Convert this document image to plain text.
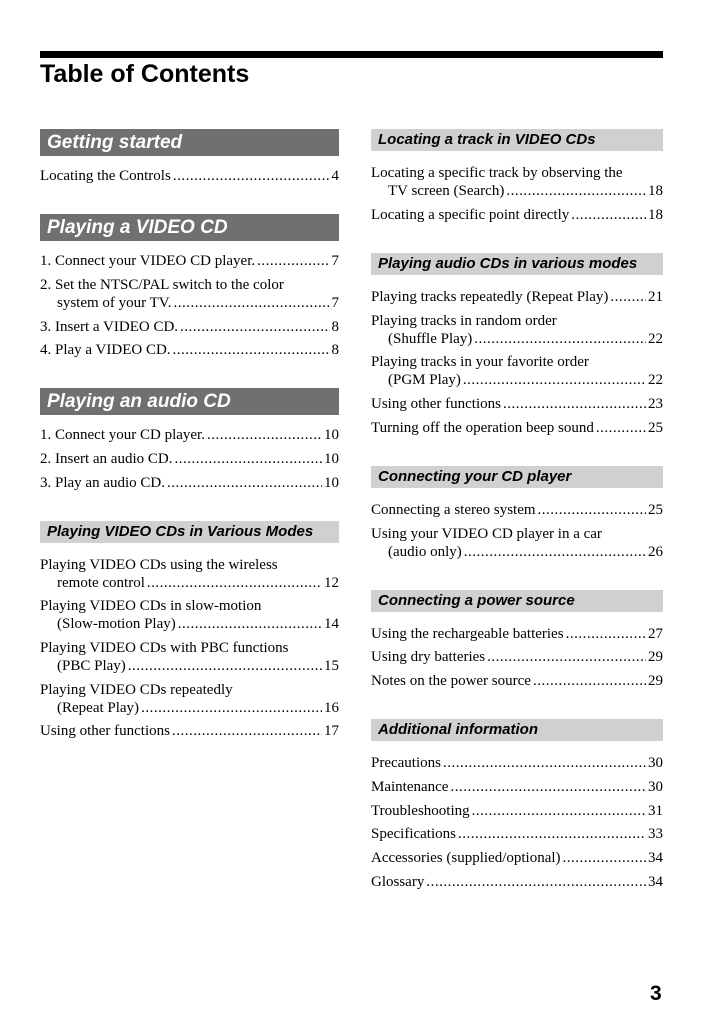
Table of Contents
Getting started
Locating the Controls .....	4
Playing a VIDEO CD
1. Connect your VIDEO CD player. .....	7
2. Set the NTSC/PAL switch to the color
system of your TV. .....	7
3. Insert a VIDEO CD. .....	8
4. Play a VIDEO CD. .....	8
Playing an audio CD
1. Connect your CD player. .....	10
2. Insert an audio CD. .....	10
3. Play an audio CD. .....	10
Playing VIDEO CDs in Various Modes
Playing VIDEO CDs using the wireless
remote control .....	12
Playing VIDEO CDs in slow-motion
(Slow-motion Play) .....	14
Playing VIDEO CDs with PBC functions
(PBC Play) .....	15
Playing VIDEO CDs repeatedly
(Repeat Play) .....	16
Using other functions .....	17
Locating a track in VIDEO CDs
Locating a specific track by observing the
TV screen (Search) .....	18
Locating a specific point directly .....	18
Playing audio CDs in various modes
Playing tracks repeatedly (Repeat Play) .....	21
Playing tracks in random order
(Shuffle Play) .....	22
Playing tracks in your favorite order
(PGM Play) .....	22
Using other functions .....	23
Turning off the operation beep sound .....	25
Connecting your CD player
Connecting a stereo system .....	25
Using your VIDEO CD player in a car
(audio only) .....	26
Connecting a power source
Using the rechargeable batteries .....	27
Using dry batteries .....	29
Notes on the power source .....	29
Additional information
Precautions .....	30
Maintenance .....	30
Troubleshooting .....	31
Specifications .....	33
Accessories (supplied/optional) .....	34
Glossary .....	34
3
